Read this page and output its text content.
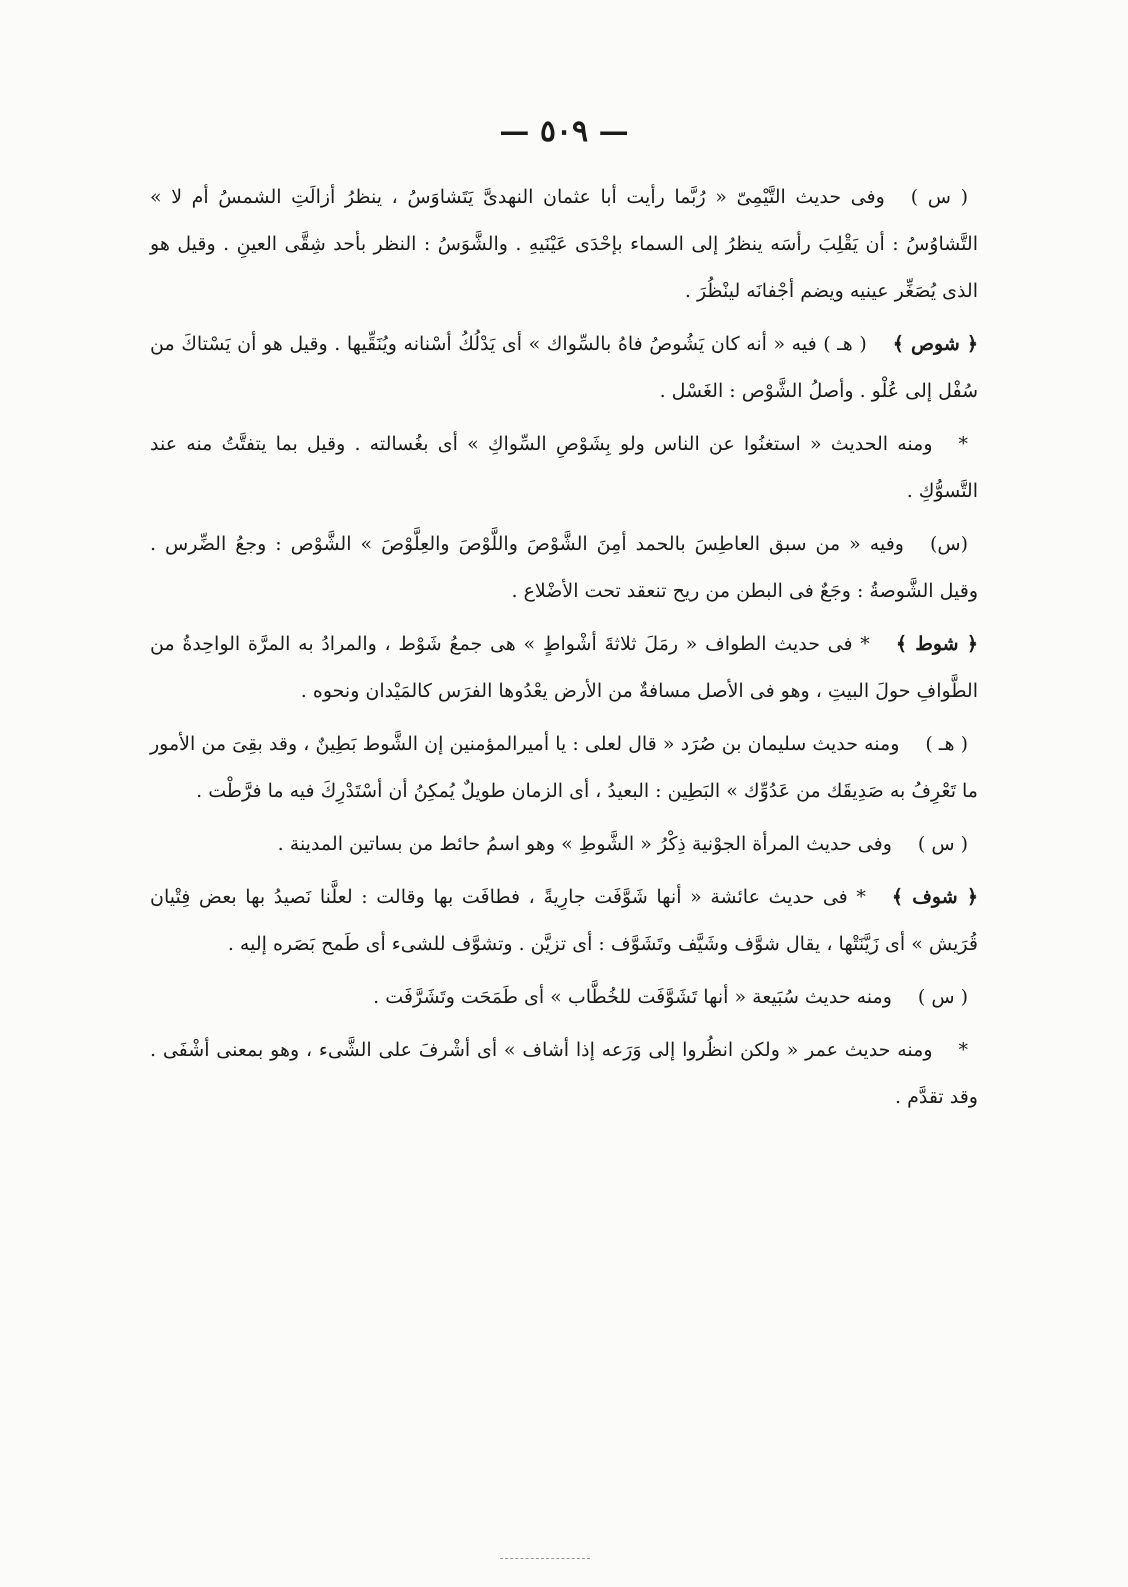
— ٥٠٩ —

( س )وفى حديث التَّيْمِىّ « رُبَّما رأيت أبا عثمان النهدىَّ يَتَشاوَسُ ، ينظرُ أزالَتِ الشمسُ أم لا » التَّشاوُسُ : أن يَقْلِبَ رأسَه ينظرُ إلى السماء بإحْدَى عَيْنَيهِ . والشَّوَسُ : النظر بأحد شِقَّى العينِ . وقيل هو الذى يُصَغِّر عينيه ويضم أجْفانَه لينْظُرَ .

﴿ شوص ﴾( هـ ) فيه « أنه كان يَشُوصُ فاهُ بالسِّواك » أى يَدْلُكُ أسْنانه ويُنَقِّيها . وقيل هو أن يَسْتاكَ من سُفْل إلى عُلْو . وأصلُ الشَّوْص : الغَسْل .

*ومنه الحديث « استغنُوا عن الناس ولو بِشَوْصِ السِّواكِ » أى بغُسالته . وقيل بما يتفتَّتُ منه عند التَّسوُّكِ .

(س)وفيه « من سبق العاطِسَ بالحمد أمِنَ الشَّوْصَ واللَّوْصَ والعِلَّوْصَ » الشَّوْص : وجعُ الضِّرس . وقيل الشَّوصةُ : وجَعٌ فى البطن من ريح تنعقد تحت الأضْلاع .

﴿ شوط ﴾* فى حديث الطواف « رمَلَ ثلاثةَ أشْواطٍ » هى جمعُ شَوْط ، والمرادُ به المرَّة الواحِدةُ من الطَّوافِ حولَ البيتِ ، وهو فى الأصل مسافةٌ من الأرض يعْدُوها الفرَس كالمَيْدان ونحوه .

( هـ )ومنه حديث سليمان بن صُرَد « قال لعلى : يا أميرالمؤمنين إن الشَّوط بَطِينٌ ، وقد بقِىَ من الأمور ما تَعْرِفُ به صَدِيقَك من عَدُوِّك » البَطِين : البعيدُ ، أى الزمان طويلٌ يُمكِنُ أن أسْتَدْرِكَ فيه ما فرَّطْت .

( س )وفى حديث المرأة الجوْنية ذِكْرُ « الشَّوطِ » وهو اسمُ حائط من بساتين المدينة .

﴿ شوف ﴾* فى حديث عائشة « أنها شَوَّفَت جارِيةً ، فطافَت بها وقالت : لعلَّنا نَصيدُ بها بعض فِتْيان قُرَيش » أى زَيَّنَتْها ، يقال شوَّف وشَيَّف وتَشَوَّف : أى تزيَّن . وتشوَّف للشىء أى طَمح بَصَره إليه .

( س )ومنه حديث سُبَيعة « أنها تَشَوَّفَت للخُطَّاب » أى طَمَحَت وتَشَرَّفَت .

*ومنه حديث عمر « ولكن انظُروا إلى وَرَعه إذا أشاف » أى أشْرفَ على الشَّىء ، وهو بمعنى أشْفَى . وقد تقدَّم .
